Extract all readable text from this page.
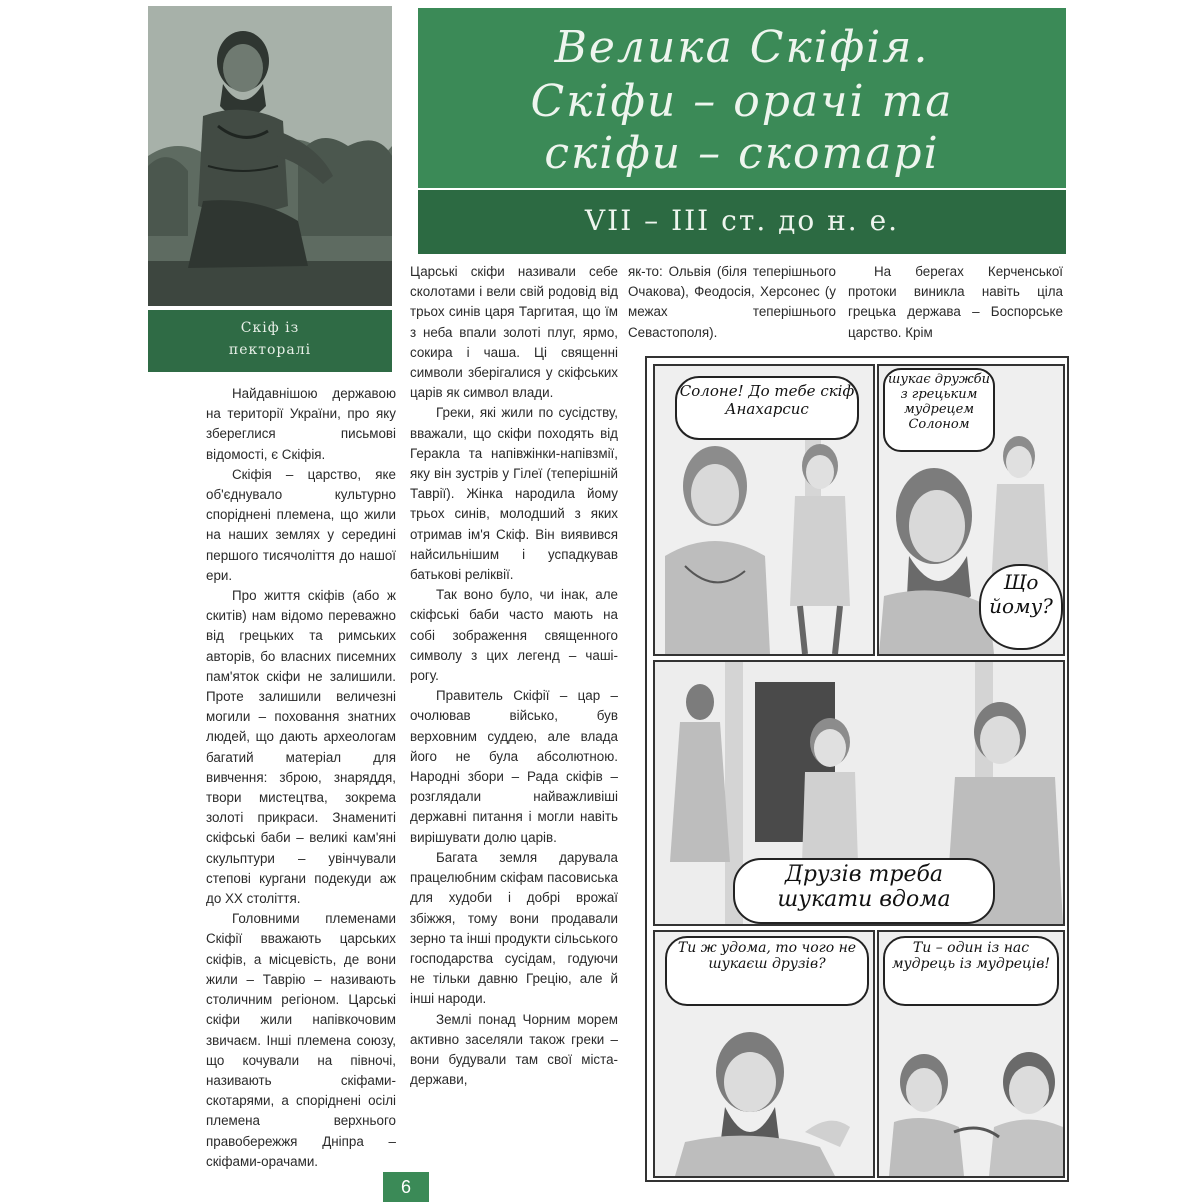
Скіф із
пекторалі
Велика Скіфія.
Скіфи – орачі та
скіфи – скотарі
VII – III ст. до н. е.

Найдавнішою державою на території України, про яку збереглися письмові відомості, є Скіфія.

Скіфія – царство, яке об'єднувало культурно споріднені племена, що жили на наших землях у середині першого тисячоліття до нашої ери.

Про життя скіфів (або ж скитів) нам відомо переважно від грецьких та римських авторів, бо власних писемних пам'яток скіфи не залишили. Проте залишили величезні могили – поховання знатних людей, що дають археологам багатий матеріал для вивчення: зброю, знаряддя, твори мистецтва, зокрема золоті прикраси. Знамениті скіфські баби – великі кам'яні скульптури – увінчували степові кургани подекуди аж до XX століття.

Головними племенами Скіфії вважають царських скіфів, а місцевість, де вони жили – Таврію – називають столичним регіоном. Царські скіфи жили напівкочовим звичаєм. Інші племена союзу, що кочували на півночі, називають скіфами-скотарями, а споріднені осілі племена верхнього правобережжя Дніпра – скіфами-орачами.

Царські скіфи називали себе сколотами і вели свій родовід від трьох синів царя Таргитая, що їм з неба впали золоті плуг, ярмо, сокира і чаша. Ці священні символи зберігалися у скіфських царів як символ влади.

Греки, які жили по сусідству, вважали, що скіфи походять від Геракла та напівжінки-напівзмії, яку він зустрів у Гілеї (теперішній Таврії). Жінка народила йому трьох синів, молодший з яких отримав ім'я Скіф. Він виявився найсильнішим і успадкував батькові реліквії.

Так воно було, чи інак, але скіфські баби часто мають на собі зображення священного символу з цих легенд – чаші-рогу.

Правитель Скіфії – цар – очолював військо, був верховним суддею, але влада його не була абсолютною. Народні збори – Рада скіфів – розглядали найважливіші державні питання і могли навіть вирішувати долю царів.

Багата земля дарувала працелюбним скіфам пасовиська для худоби і добрі врожаї збіжжя, тому вони продавали зерно та інші продукти сільського господарства сусідам, годуючи не тільки давню Грецію, але й інші народи.

Землі понад Чорним морем активно заселяли також греки – вони будували там свої міста-держави,

як-то: Ольвія (біля теперішнього Очакова), Феодосія, Херсонес (у межах теперішнього Севастополя).

На берегах Керченської протоки виникла навіть ціла грецька держава – Боспорське царство. Крім

Солоне! До тебе скіф Анахарсис
шукає дружби з грецьким мудрецем Солоном
Що йому?
Друзів треба шукати вдома
Ти ж удома, то чого не шукаєш друзів?
Ти – один із нас мудрець із мудреців!
6
